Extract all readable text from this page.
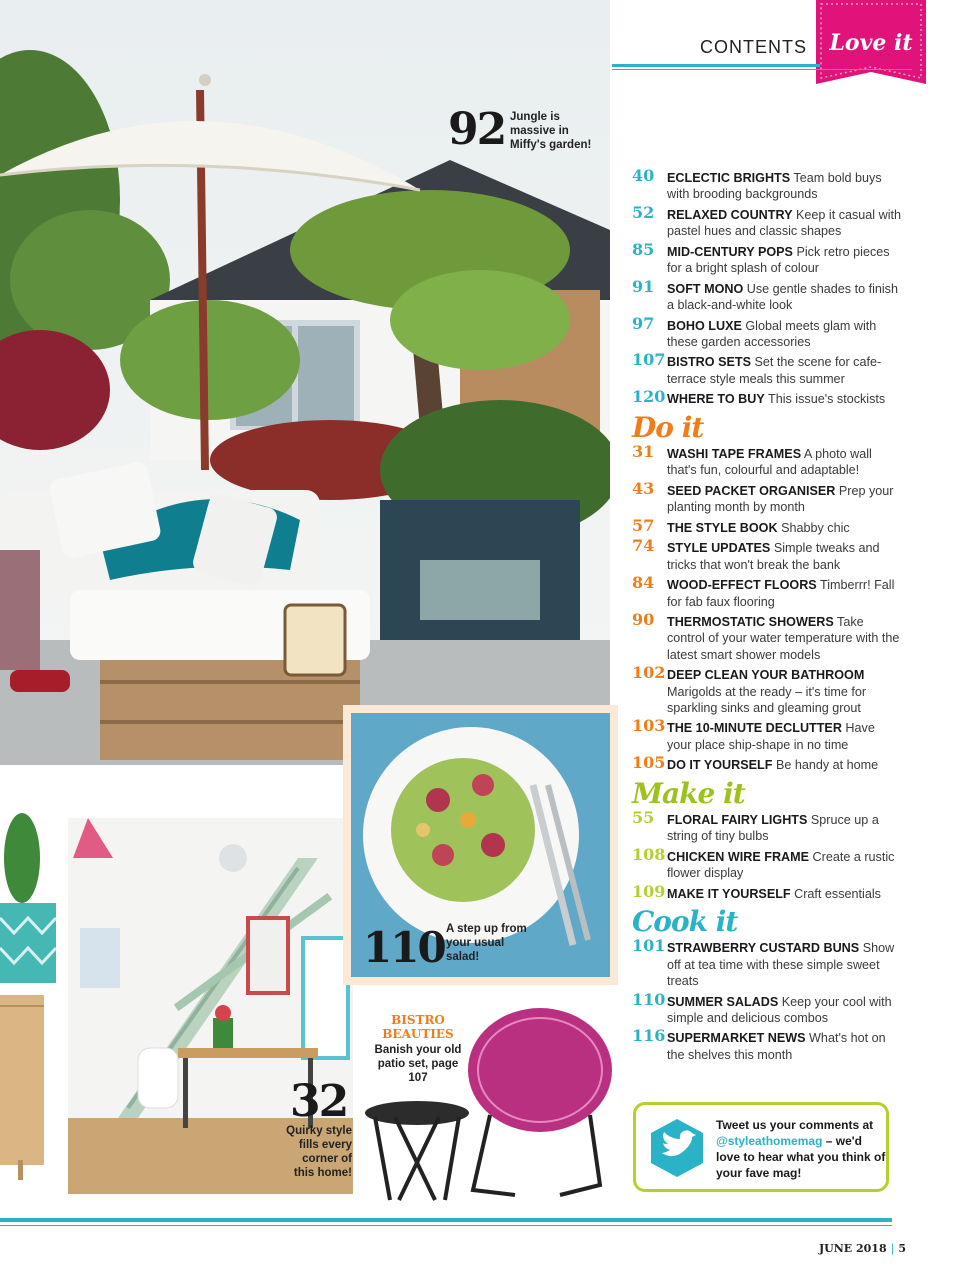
92 Jungle is massive in Miffy's garden!
32
Quirky style fills every corner of this home!
110 A step up from your usual salad!
BISTRO BEAUTIES
Banish your old patio set, page 107
CONTENTS	Love it
40 ECLECTIC BRIGHTS Team bold buys with brooding backgrounds
52 RELAXED COUNTRY Keep it casual with pastel hues and classic shapes
85 MID-CENTURY POPS Pick retro pieces for a bright splash of colour
91 SOFT MONO Use gentle shades to finish a black-and-white look
97 BOHO LUXE Global meets glam with these garden accessories
107 BISTRO SETS Set the scene for cafe-terrace style meals this summer
120 WHERE TO BUY This issue's stockists
Do it
31 WASHI TAPE FRAMES A photo wall that's fun, colourful and adaptable!
43 SEED PACKET ORGANISER Prep your planting month by month
57 THE STYLE BOOK Shabby chic
74 STYLE UPDATES Simple tweaks and tricks that won't break the bank
84 WOOD-EFFECT FLOORS Timberrr! Fall for fab faux flooring
90 THERMOSTATIC SHOWERS Take control of your water temperature with the latest smart shower models
102 DEEP CLEAN YOUR BATHROOM Marigolds at the ready – it's time for sparkling sinks and gleaming grout
103 THE 10-MINUTE DECLUTTER Have your place ship-shape in no time
105 DO IT YOURSELF Be handy at home
Make it
55 FLORAL FAIRY LIGHTS Spruce up a string of tiny bulbs
108 CHICKEN WIRE FRAME Create a rustic flower display
109 MAKE IT YOURSELF Craft essentials
Cook it
101 STRAWBERRY CUSTARD BUNS Show off at tea time with these simple sweet treats
110 SUMMER SALADS Keep your cool with simple and delicious combos
116 SUPERMARKET NEWS What's hot on the shelves this month
Tweet us your comments at @styleathomemag – we'd love to hear what you think of your fave mag!
JUNE 2018 | 5
